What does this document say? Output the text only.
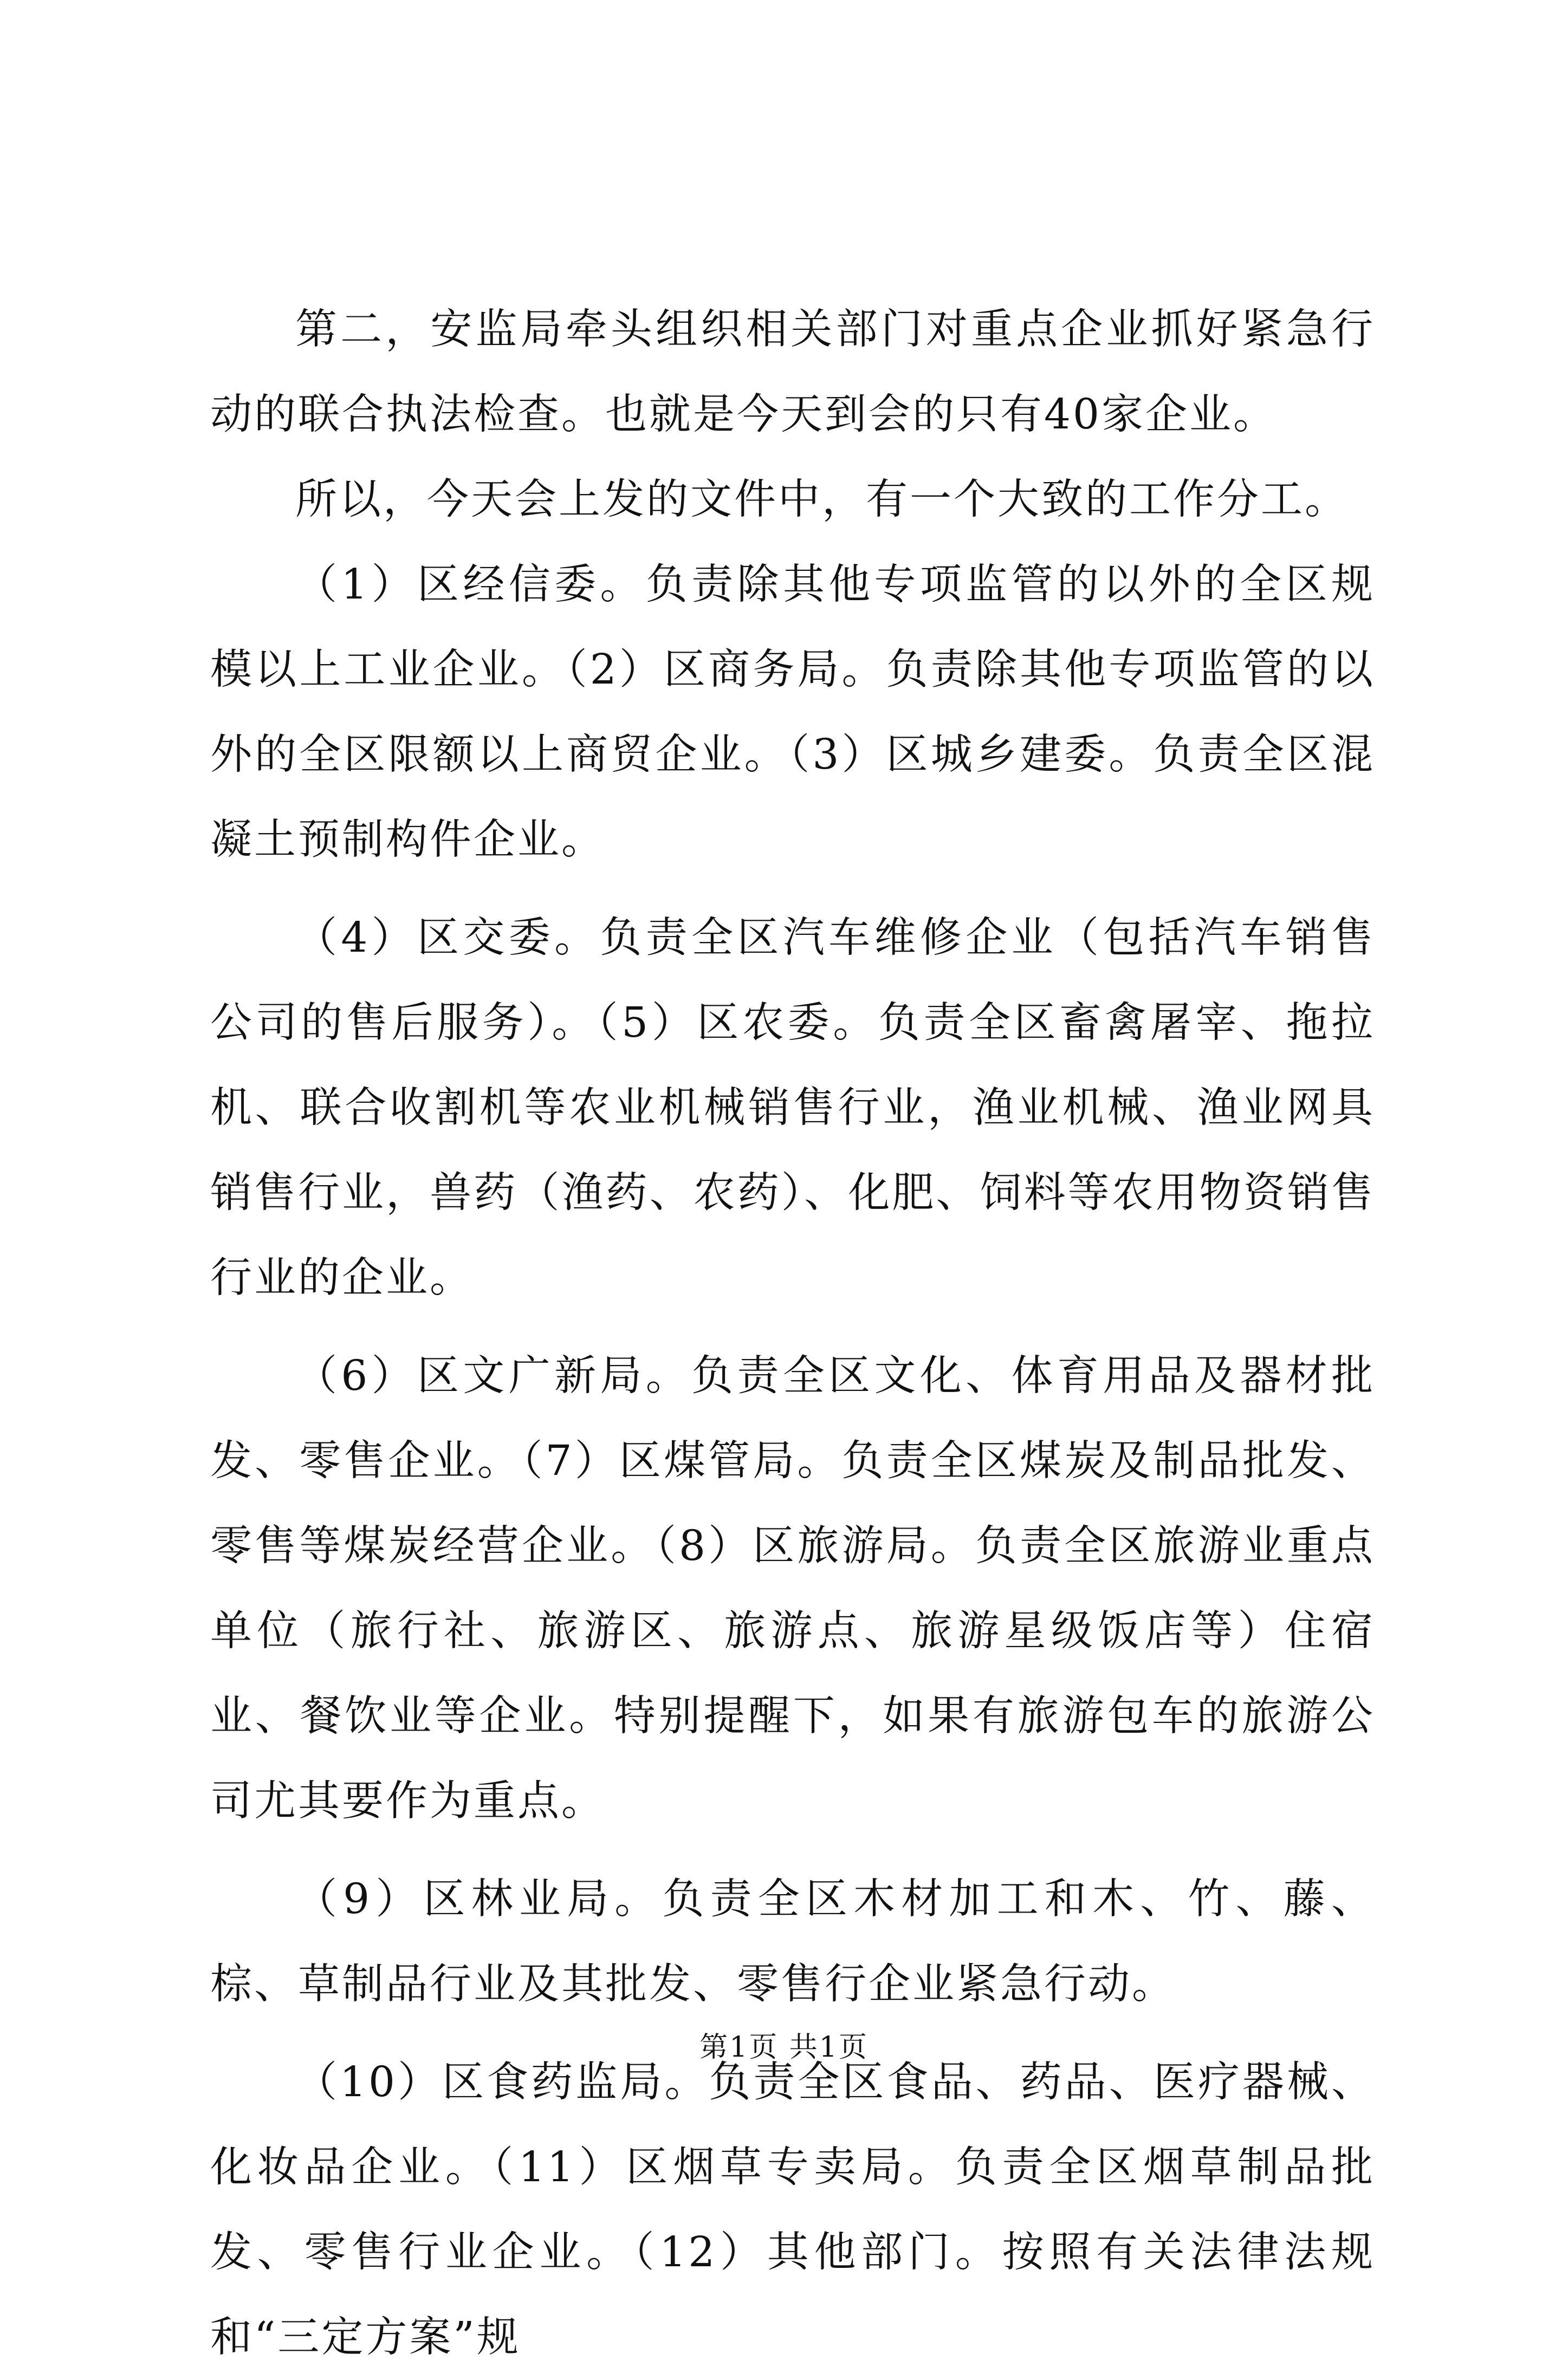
第二，安监局牵头组织相关部门对重点企业抓好紧急行动的联合执法检查。也就是今天到会的只有40家企业。

所以，今天会上发的文件中，有一个大致的工作分工。

（1）区经信委。负责除其他专项监管的以外的全区规模以上工业企业。（2）区商务局。负责除其他专项监管的以外的全区限额以上商贸企业。（3）区城乡建委。负责全区混凝土预制构件企业。

（4）区交委。负责全区汽车维修企业（包括汽车销售公司的售后服务）。（5）区农委。负责全区畜禽屠宰、拖拉机、联合收割机等农业机械销售行业，渔业机械、渔业网具销售行业，兽药（渔药、农药）、化肥、饲料等农用物资销售行业的企业。

（6）区文广新局。负责全区文化、体育用品及器材批发、零售企业。（7）区煤管局。负责全区煤炭及制品批发、零售等煤炭经营企业。（8）区旅游局。负责全区旅游业重点单位（旅行社、旅游区、旅游点、旅游星级饭店等）住宿业、餐饮业等企业。特别提醒下，如果有旅游包车的旅游公司尤其要作为重点。

（9）区林业局。负责全区木材加工和木、竹、藤、棕、草制品行业及其批发、零售行企业紧急行动。

（10）区食药监局。负责全区食品、药品、医疗器械、化妆品企业。（11）区烟草专卖局。负责全区烟草制品批发、零售行业企业。（12）其他部门。按照有关法律法规和“三定方案”规

第1页 共1页
